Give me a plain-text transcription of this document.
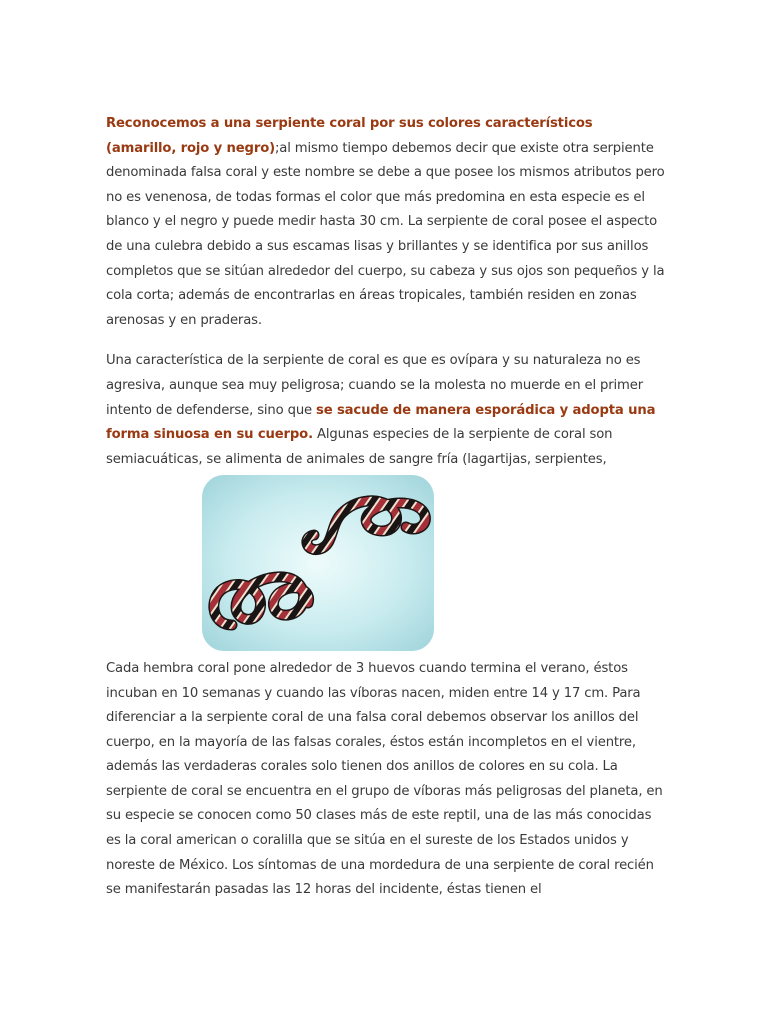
Reconocemos a una serpiente coral por sus colores característicos (amarillo, rojo y negro);al mismo tiempo debemos decir que existe otra serpiente denominada falsa coral y este nombre se debe a que posee los mismos atributos pero no es venenosa, de todas formas el color que más predomina en esta especie es el blanco y el negro y puede medir hasta 30 cm. La serpiente de coral posee el aspecto de una culebra debido a sus escamas lisas y brillantes y se identifica por sus anillos completos que se sitúan alrededor del cuerpo, su cabeza y sus ojos son pequeños y la cola corta; además de encontrarlas en áreas tropicales, también residen en zonas arenosas y en praderas.

Una característica de la serpiente de coral es que es ovípara y su naturaleza no es agresiva, aunque sea muy peligrosa; cuando se la molesta no muerde en el primer intento de defenderse, sino que se sacude de manera esporádica y adopta una forma sinuosa en su cuerpo. Algunas especies de la serpiente de coral son semiacuáticas, se alimenta de animales de sangre fría (lagartijas, serpientes,

Cada hembra coral pone alrededor de 3 huevos cuando termina el verano, éstos incuban en 10 semanas y cuando las víboras nacen, miden entre 14 y 17 cm. Para diferenciar a la serpiente coral de una falsa coral debemos observar los anillos del cuerpo, en la mayoría de las falsas corales, éstos están incompletos en el vientre, además las verdaderas corales solo tienen dos anillos de colores en su cola. La serpiente de coral se encuentra en el grupo de víboras más peligrosas del planeta, en su especie se conocen como 50 clases más de este reptil, una de las más conocidas es la coral american o coralilla que se sitúa en el sureste de los Estados unidos y noreste de México. Los síntomas de una mordedura de una serpiente de coral recién se manifestarán pasadas las 12 horas del incidente, éstas tienen el
